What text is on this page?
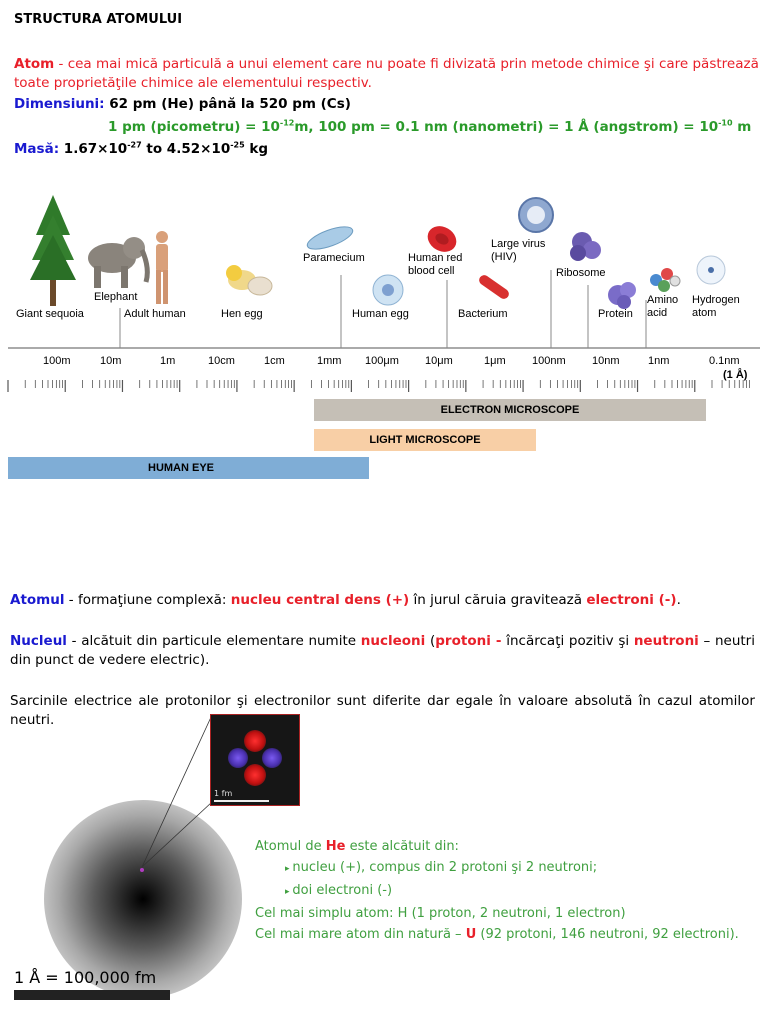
STRUCTURA ATOMULUI
Atom - cea mai mică particulă a unui element care nu poate fi divizată prin metode chimice şi care păstrează toate proprietăţile chimice ale elementului respectiv.
Dimensiuni: 62 pm (He) până la 520 pm (Cs)
1 pm (picometru) = $10^{-12}m$, 100 pm = 0.1 nm (nanometri) = 1 Å (angstrom) = $10^{-10}$ m
Masă: $1.67\times 10^{-27}$ to $4.52\times 10^{-25}$ kg
Giant sequoia
Elephant
Adult human	Hen egg
Paramecium
Human egg
Human red blood cell
Bacterium
Large virus (HIV)
Ribosome
Protein
Amino acid
Hydrogen atom
100m	10m	1m	10cm	1cm	1mm 100μm 10μm	1μm 100nm 10nm	1nm	0.1nm
(1 Å)
ELECTRON MICROSCOPE
LIGHT MICROSCOPE
HUMAN EYE
Atomul - formaţiune complexă: nucleu central dens (+) în jurul căruia gravitează electroni (-).
Nucleul - alcătuit din particule elementare numite nucleoni (protoni - încărcaţi pozitiv şi neutroni – neutri din punct de vedere electric).
Sarcinile electrice ale protonilor şi electronilor sunt diferite dar egale în valoare absolută în cazul atomilor neutri.
1 fm
1 Å = 100,000 fm
Atomul de He este alcătuit din:
▸ nucleu (+), compus din 2 protoni şi 2 neutroni;
▸ doi electroni (-)
Cel mai simplu atom: H (1 proton, 2 neutroni, 1 electron)
Cel mai mare atom din natură – U (92 protoni, 146 neutroni, 92 electroni).
